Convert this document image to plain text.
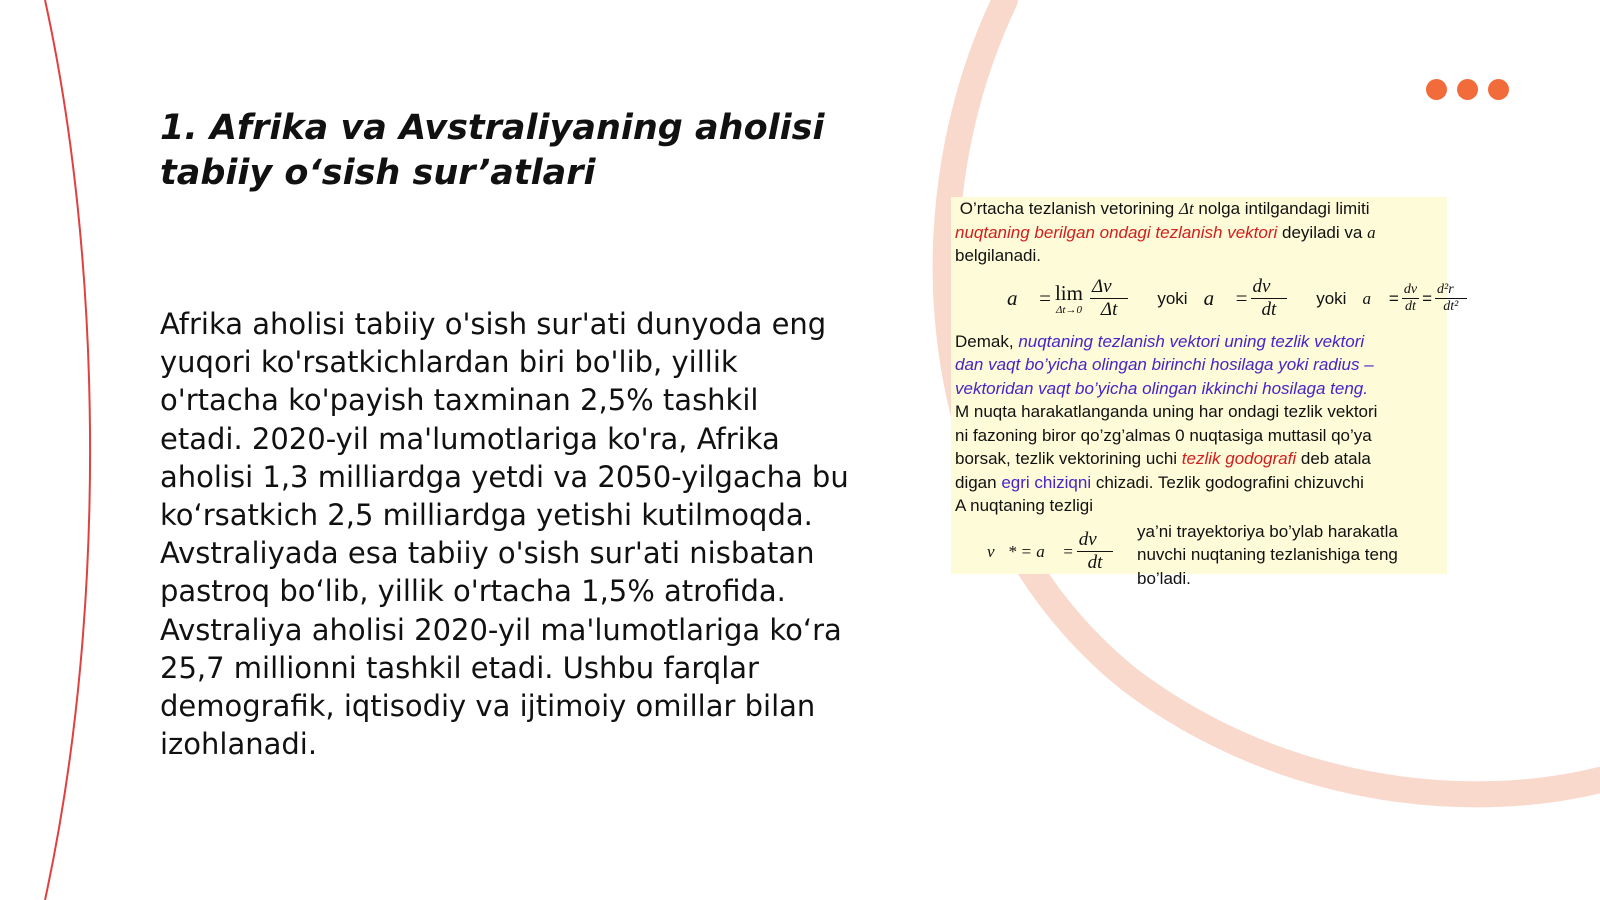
1. Afrika va Avstraliyaning aholisi
tabiiy o‘sish sur’atlari

Afrika aholisi tabiiy o'sish sur'ati dunyoda eng yuqori ko'rsatkichlardan biri bo'lib, yillik o'rtacha ko'payish taxminan 2,5% tashkil etadi. 2020-yil ma'lumotlariga ko'ra, Afrika aholisi 1,3 milliardga yetdi va 2050-yilgacha bu ko‘rsatkich 2,5 milliardga yetishi kutilmoqda. Avstraliyada esa tabiiy o'sish sur'ati nisbatan pastroq bo‘lib, yillik o'rtacha 1,5% atrofida. Avstraliya aholisi 2020-yil ma'lumotlariga ko‘ra 25,7 millionni tashkil etadi. Ushbu farqlar demografik, iqtisodiy va ijtimoiy omillar bilan izohlanadi.

O’rtacha tezlanish vetorining Δt nolga intilgandagi limiti

nuqtaning berilgan ondagi tezlanish vektori deyiladi va a⃗

belgilanadi.

a⃗ = lim
$\Delta t\to 0 \frac{\Delta v⃗}{\Delta t}$ yoki a⃗ = $\frac{dv⃗}{dt}$ yoki a⃗ = $\frac{dv}{dt} = \frac{\text{d²r⃗}}{\text{dt²}}$

Demak, nuqtaning tezlanish vektori uning tezlik vektori

dan vaqt bo’yicha olingan birinchi hosilaga yoki radius –

vektoridan vaqt bo’yicha olingan ikkinchi hosilaga teng.

M nuqta harakatlanganda uning har ondagi tezlik vektori

ni fazoning biror qo’zg’almas 0 nuqtasiga muttasil qo’ya

borsak, tezlik vektorining uchi tezlik godografi deb atala

digan egri chiziqni chizadi. Tezlik godografini chizuvchi

A nuqtaning tezligi

v⃗* = a⃗ = $\frac{dv⃗}{dt}$ ya’ni trayektoriya bo’ylab harakatla

nuvchi nuqtaning tezlanishiga teng

bo’ladi.
